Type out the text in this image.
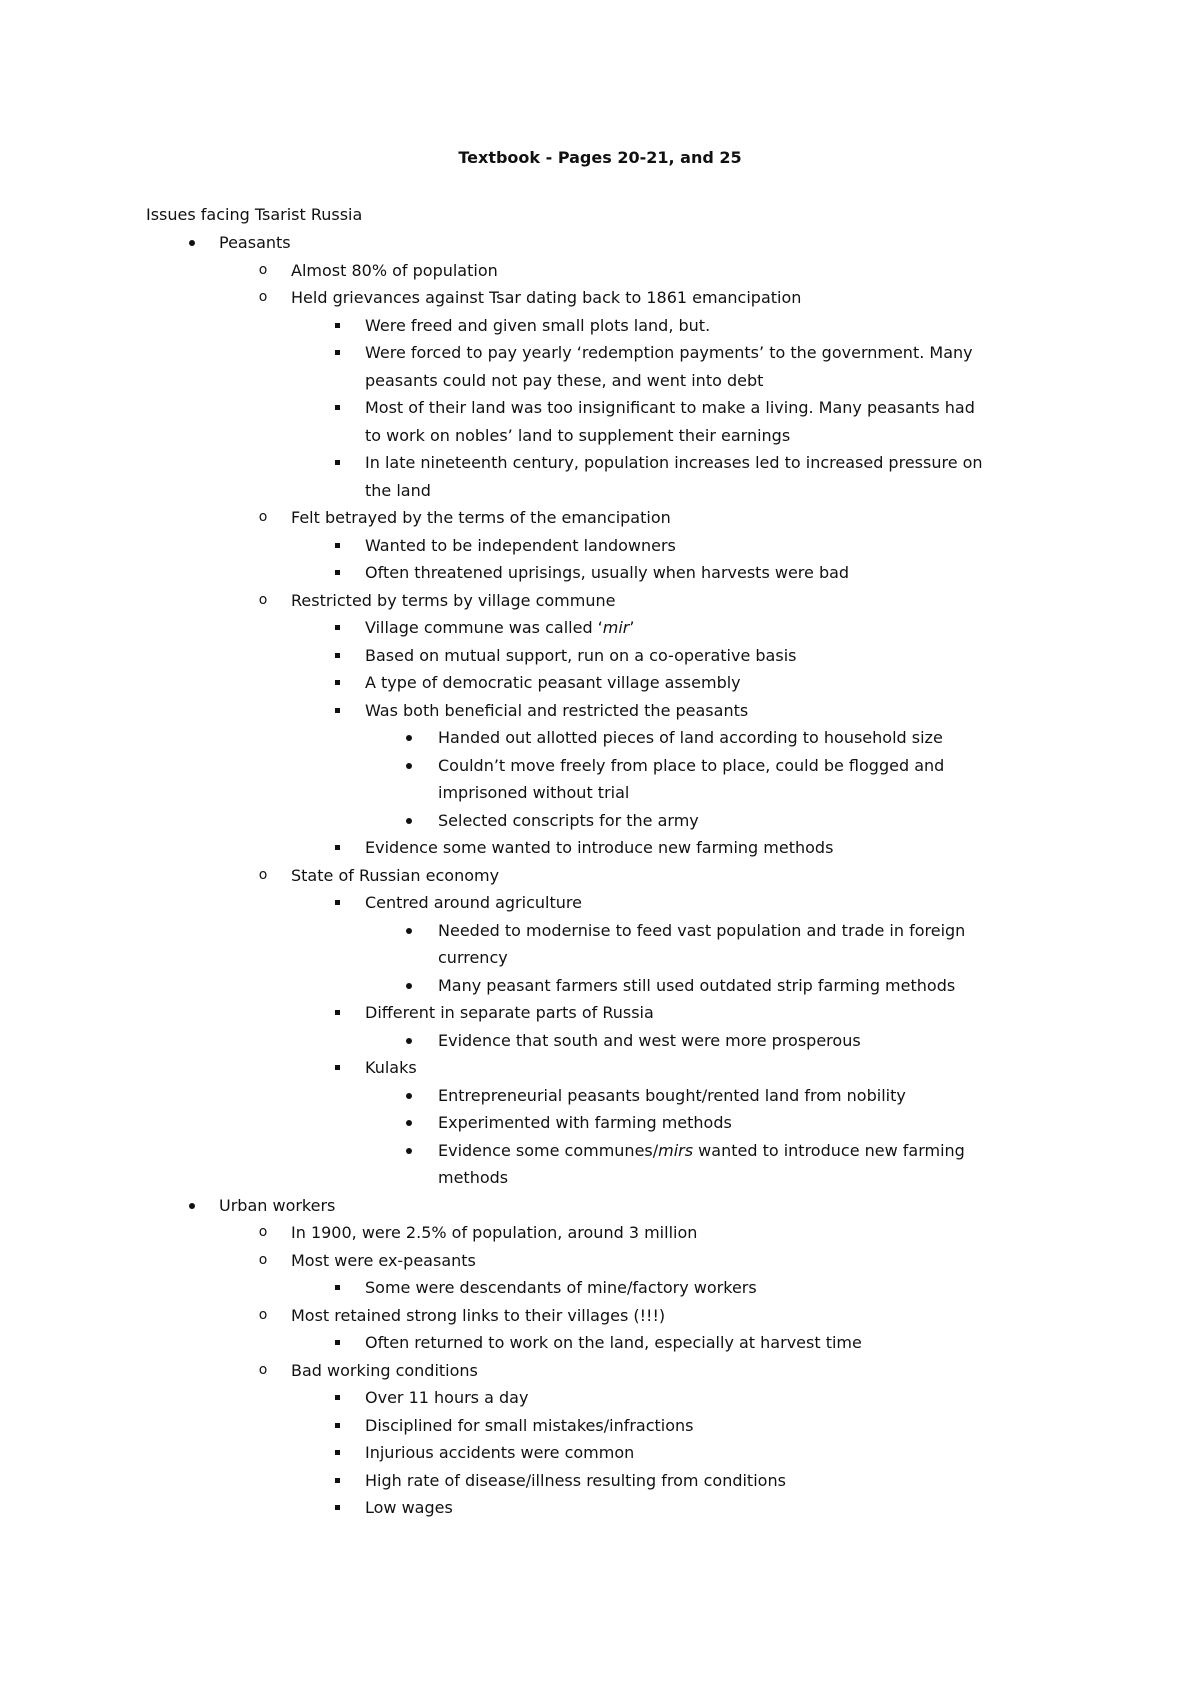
Textbook - Pages 20-21, and 25
Issues facing Tsarist Russia
Peasants
o Almost 80% of population
o Held grievances against Tsar dating back to 1861 emancipation
Were freed and given small plots land, but.
Were forced to pay yearly ‘redemption payments’ to the government. Many
peasants could not pay these, and went into debt
Most of their land was too insignificant to make a living. Many peasants had
to work on nobles’ land to supplement their earnings
In late nineteenth century, population increases led to increased pressure on
the land
o Felt betrayed by the terms of the emancipation
Wanted to be independent landowners
Often threatened uprisings, usually when harvests were bad
o Restricted by terms by village commune
Village commune was called ‘mir’
Based on mutual support, run on a co-operative basis
A type of democratic peasant village assembly
Was both beneficial and restricted the peasants
Handed out allotted pieces of land according to household size
Couldn’t move freely from place to place, could be flogged and
imprisoned without trial
Selected conscripts for the army
Evidence some wanted to introduce new farming methods
o State of Russian economy
Centred around agriculture
Needed to modernise to feed vast population and trade in foreign
currency
Many peasant farmers still used outdated strip farming methods
Different in separate parts of Russia
Evidence that south and west were more prosperous
Kulaks
Entrepreneurial peasants bought/rented land from nobility
Experimented with farming methods
Evidence some communes/mirs wanted to introduce new farming
methods
Urban workers
o In 1900, were 2.5% of population, around 3 million
o Most were ex-peasants
Some were descendants of mine/factory workers
o Most retained strong links to their villages (!!!)
Often returned to work on the land, especially at harvest time
o Bad working conditions
Over 11 hours a day
Disciplined for small mistakes/infractions
Injurious accidents were common
High rate of disease/illness resulting from conditions
Low wages
